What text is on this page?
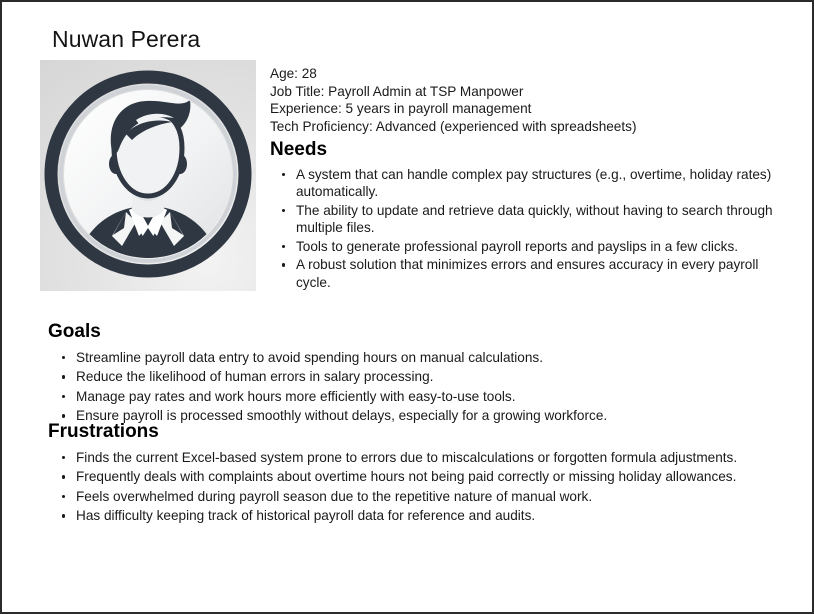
Nuwan Perera
Age: 28
Job Title: Payroll Admin at TSP Manpower
Experience: 5 years in payroll management
Tech Proficiency: Advanced (experienced with spreadsheets)
Needs
A system that can handle complex pay structures (e.g., overtime, holiday rates) automatically.
The ability to update and retrieve data quickly, without having to search through multiple files.
Tools to generate professional payroll reports and payslips in a few clicks.
A robust solution that minimizes errors and ensures accuracy in every payroll cycle.
Goals
Streamline payroll data entry to avoid spending hours on manual calculations.
Reduce the likelihood of human errors in salary processing.
Manage pay rates and work hours more efficiently with easy-to-use tools.
Ensure payroll is processed smoothly without delays, especially for a growing workforce.
Frustrations
Finds the current Excel-based system prone to errors due to miscalculations or forgotten formula adjustments.
Frequently deals with complaints about overtime hours not being paid correctly or missing holiday allowances.
Feels overwhelmed during payroll season due to the repetitive nature of manual work.
Has difficulty keeping track of historical payroll data for reference and audits.
